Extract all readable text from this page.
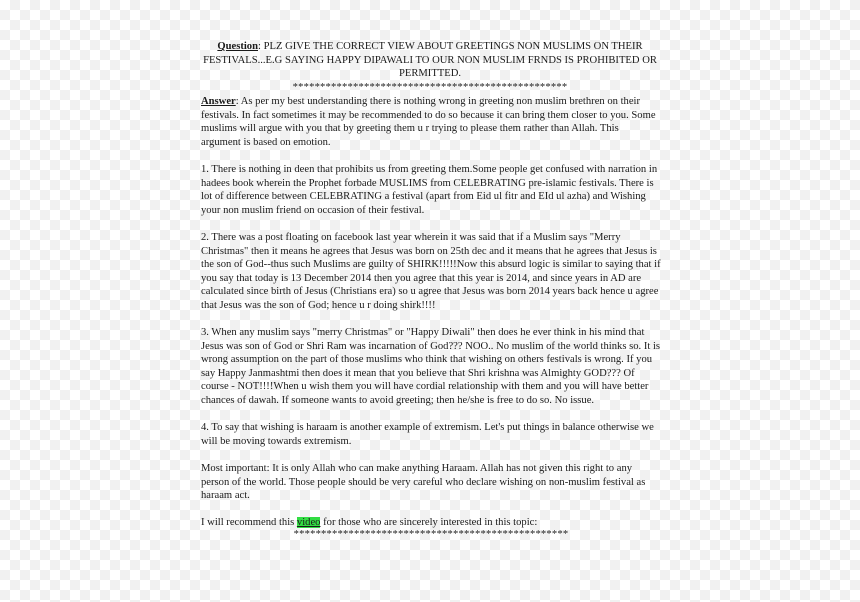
Question: PLZ GIVE THE CORRECT VIEW ABOUT GREETINGS NON MUSLIMS ON THEIR FESTIVALS...E.G SAYING HAPPY DIPAWALI TO OUR NON MUSLIM FRNDS IS PROHIBITED OR PERMITTED.
**************************************************

Answer: As per my best understanding there is nothing wrong in greeting non muslim brethren on their festivals. In fact sometimes it may be recommended to do so because it can bring them closer to you. Some muslims will argue with you that by greeting them u r trying to please them rather than Allah. This argument is based on emotion.

1. There is nothing in deen that prohibits us from greeting them.Some people get confused with narration in hadees book wherein the Prophet forbade MUSLIMS from CELEBRATING pre-islamic festivals. There is lot of difference between CELEBRATING a festival (apart from Eid ul fitr and EId ul azha) and Wishing your non muslim friend on occasion of their festival.

2. There was a post floating on facebook last year wherein it was said that if a Muslim says "Merry Christmas" then it means he agrees that Jesus was born on 25th dec and it means that he agrees that Jesus is the son of God--thus such Muslims are guilty of SHIRK!!!!!Now this absurd logic is similar to saying that if you say that today is 13 December 2014 then you agree that this year is 2014, and since years in AD are calculated since birth of Jesus (Christians era) so u agree that Jesus was born 2014 years back hence u agree that Jesus was the son of God; hence u r doing shirk!!!!

3. When any muslim says "merry Christmas" or "Happy Diwali" then does he ever think in his mind that Jesus was son of God or Shri Ram was incarnation of God??? NOO.. No muslim of the world thinks so. It is wrong assumption on the part of those muslims who think that wishing on others festivals is wrong. If you say Happy Janmashtmi then does it mean that you believe that Shri krishna was Almighty GOD??? Of course - NOT!!!!When u wish them you will have cordial relationship with them and you will have better chances of dawah. If someone wants to avoid greeting; then he/she is free to do so. No issue.

4. To say that wishing is haraam is another example of extremism. Let's put things in balance otherwise we will be moving towards extremism.

Most important: It is only Allah who can make anything Haraam. Allah has not given this right to any person of the world. Those people should be very careful who declare wishing on non-muslim festival as haraam act.

I will recommend this video for those who are sincerely interested in this topic:

**************************************************
